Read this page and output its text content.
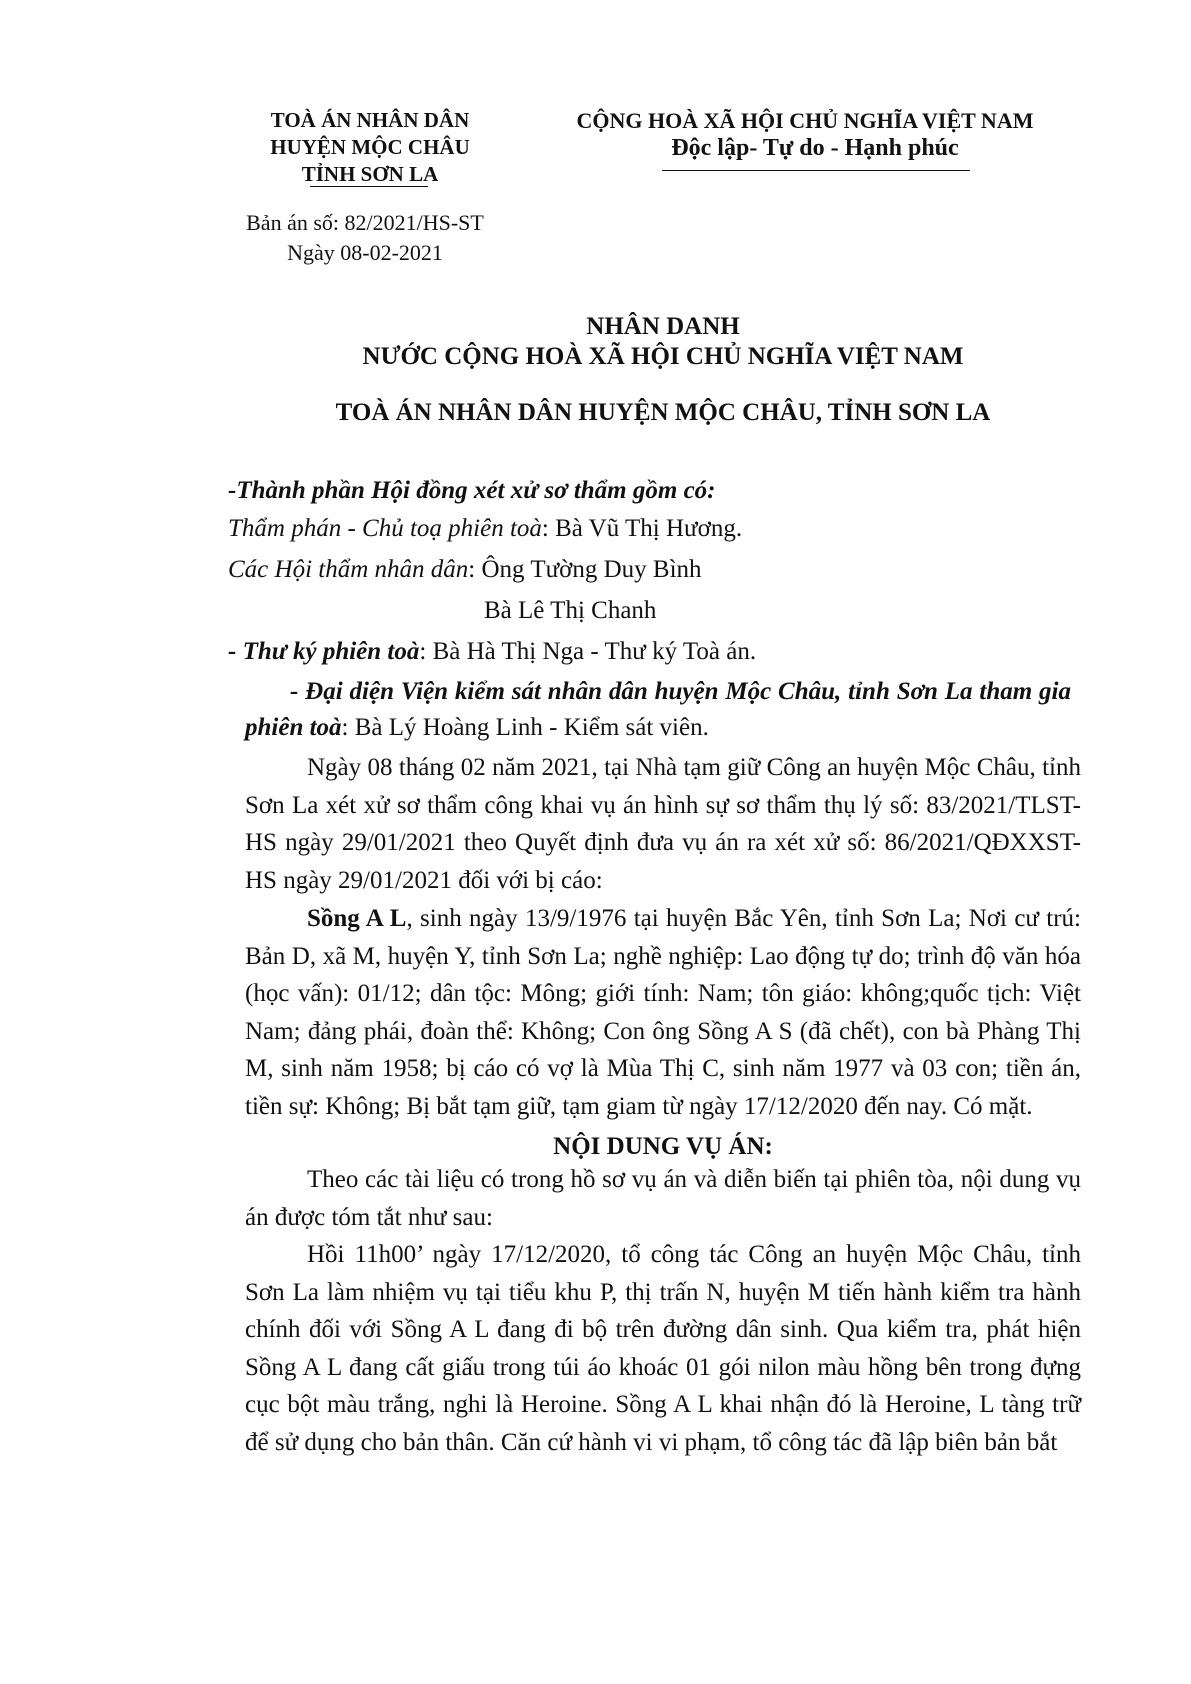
TOÀ ÁN NHÂN DÂN
HUYỆN MỘC CHÂU
TỈNH SƠN LA
CỘNG HOÀ XÃ HỘI CHỦ NGHĨA VIỆT NAM
Độc lập- Tự do - Hạnh phúc
Bản án số: 82/2021/HS-ST
Ngày 08-02-2021
NHÂN DANH
NƯỚC CỘNG HOÀ XÃ HỘI CHỦ NGHĨA VIỆT NAM
TOÀ ÁN NHÂN DÂN HUYỆN MỘC CHÂU, TỈNH SƠN LA
-Thành phần Hội đồng xét xử sơ thẩm gồm có:
Thẩm phán - Chủ toạ phiên toà: Bà Vũ Thị Hương.
Các Hội thẩm nhân dân: Ông Tường Duy Bình
Bà Lê Thị Chanh
- Thư ký phiên toà: Bà Hà Thị Nga - Thư ký Toà án.

- Đại diện Viện kiểm sát nhân dân huyện Mộc Châu, tỉnh Sơn La tham gia phiên toà: Bà Lý Hoàng Linh - Kiểm sát viên.

Ngày 08 tháng 02 năm 2021, tại Nhà tạm giữ Công an huyện Mộc Châu, tỉnh Sơn La xét xử sơ thẩm công khai vụ án hình sự sơ thẩm thụ lý số: 83/2021/TLST-HS ngày 29/01/2021 theo Quyết định đưa vụ án ra xét xử số: 86/2021/QĐXXST- HS ngày 29/01/2021 đối với bị cáo:

Sồng A L, sinh ngày 13/9/1976 tại huyện Bắc Yên, tỉnh Sơn La; Nơi cư trú: Bản D, xã M, huyện Y, tỉnh Sơn La; nghề nghiệp: Lao động tự do; trình độ văn hóa (học vấn): 01/12; dân tộc: Mông; giới tính: Nam; tôn giáo: không;quốc tịch: Việt Nam; đảng phái, đoàn thể: Không; Con ông Sồng A S (đã chết), con bà Phàng Thị M, sinh năm 1958; bị cáo có vợ là Mùa Thị C, sinh năm 1977 và 03 con; tiền án, tiền sự: Không; Bị bắt tạm giữ, tạm giam từ ngày 17/12/2020 đến nay. Có mặt.

NỘI DUNG VỤ ÁN:

Theo các tài liệu có trong hồ sơ vụ án và diễn biến tại phiên tòa, nội dung vụ án được tóm tắt như sau:

Hồi 11h00’ ngày 17/12/2020, tổ công tác Công an huyện Mộc Châu, tỉnh Sơn La làm nhiệm vụ tại tiểu khu P, thị trấn N, huyện M tiến hành kiểm tra hành chính đối với Sồng A L đang đi bộ trên đường dân sinh. Qua kiểm tra, phát hiện Sồng A L đang cất giấu trong túi áo khoác 01 gói nilon màu hồng bên trong đựng cục bột màu trắng, nghi là Heroine. Sồng A L khai nhận đó là Heroine, L tàng trữ để sử dụng cho bản thân. Căn cứ hành vi vi phạm, tổ công tác đã lập biên bản bắt
